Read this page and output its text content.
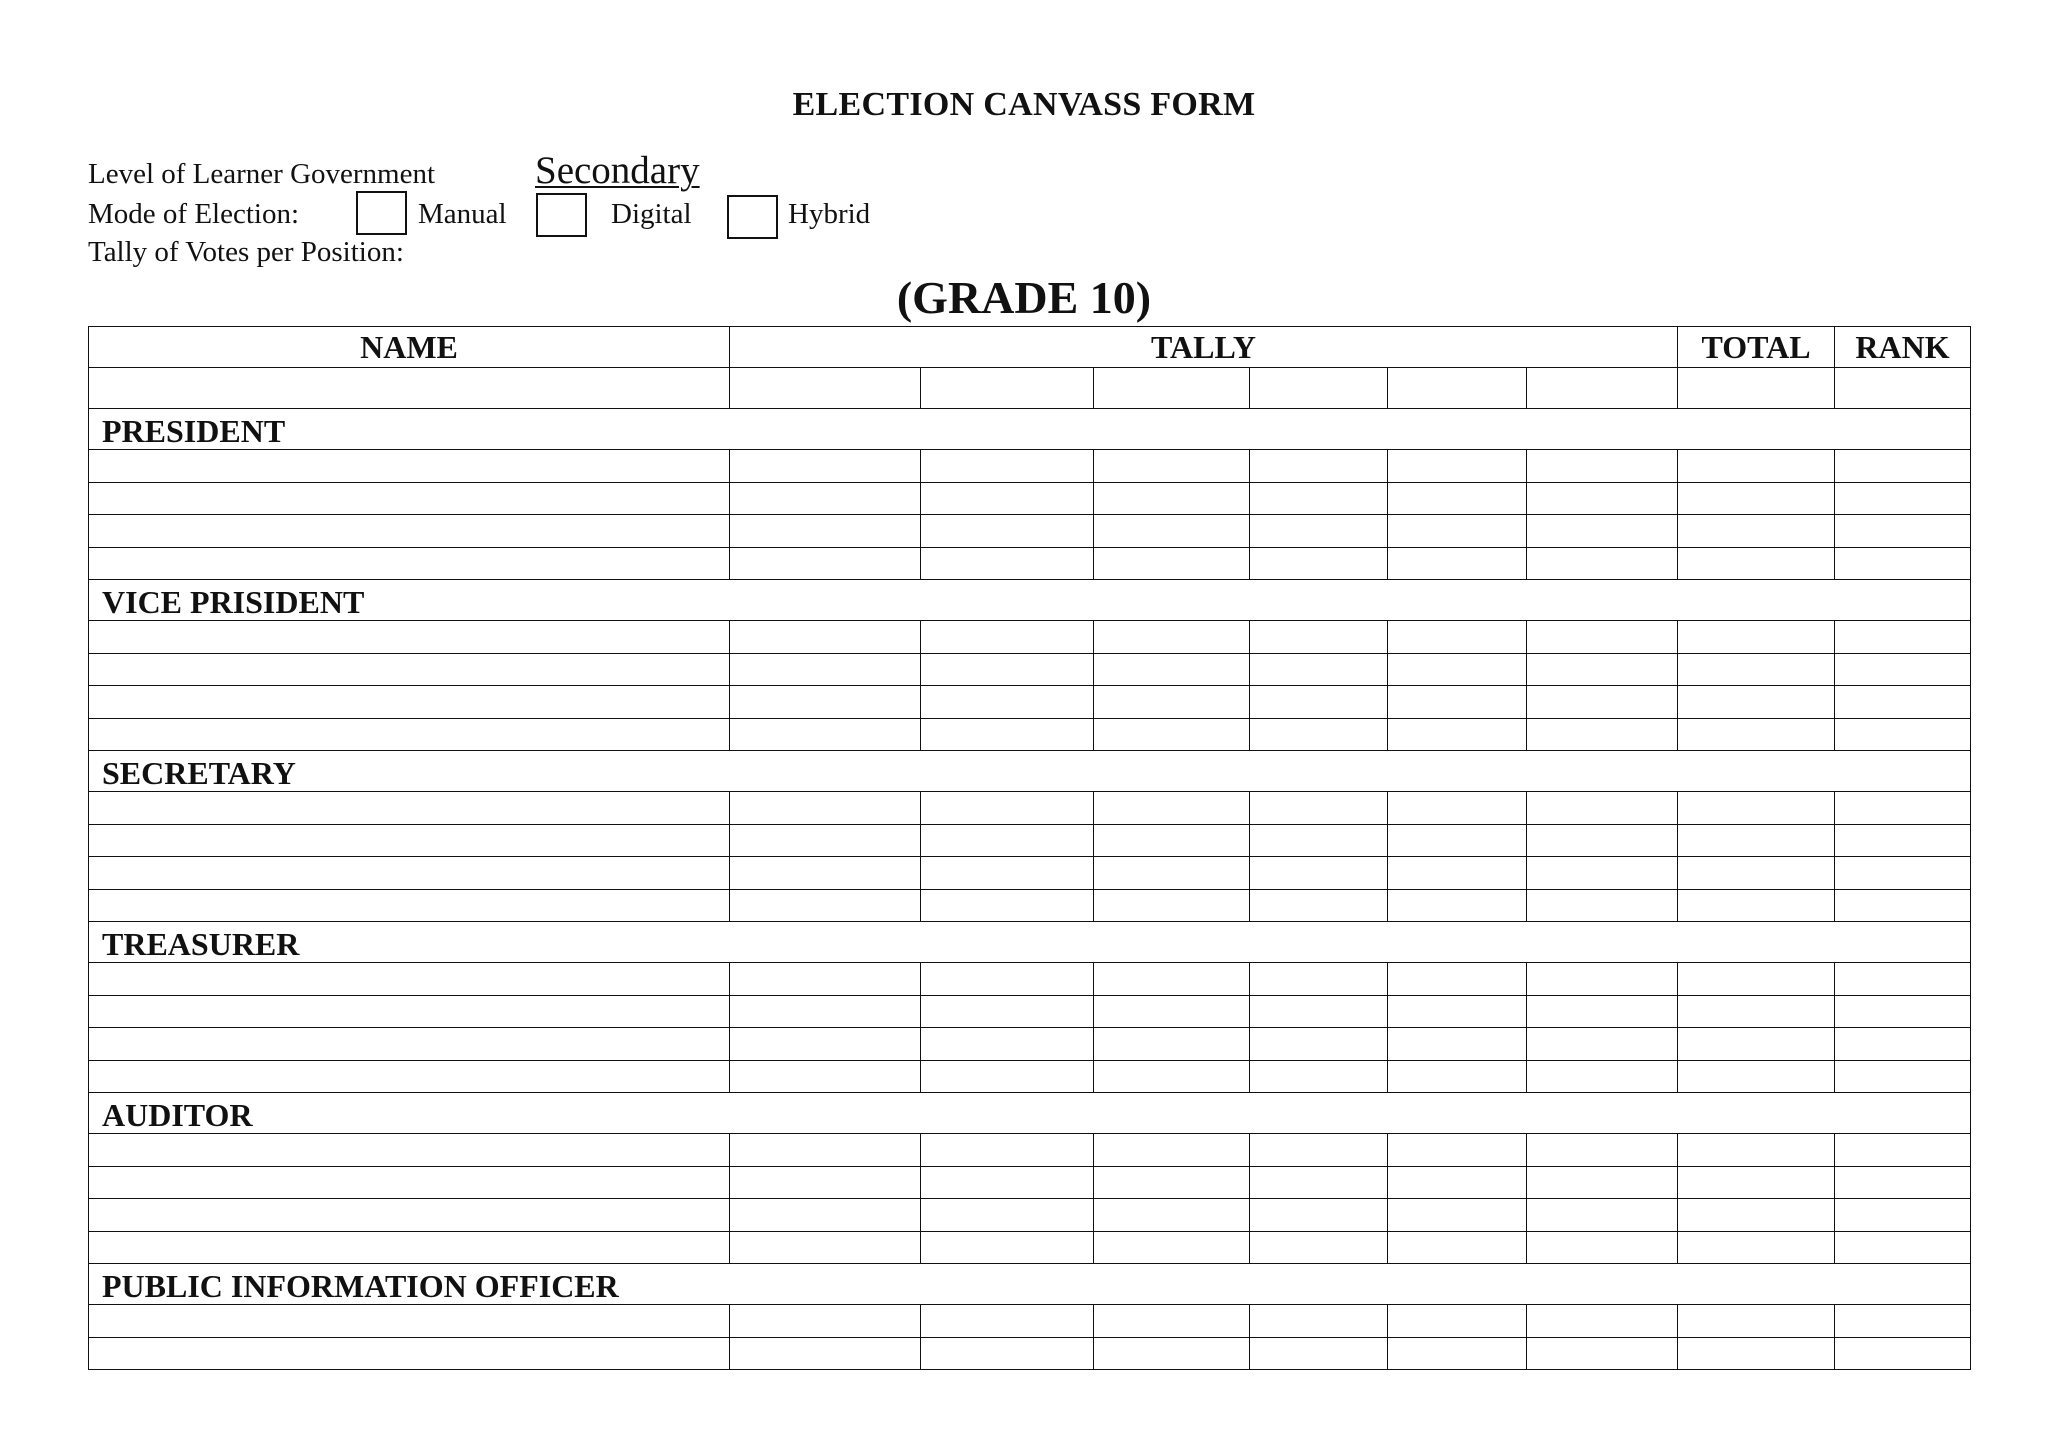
ELECTION CANVASS FORM
Level of Learner Government	Secondary
Mode of Election:	Manual	Digital	Hybrid
Tally of Votes per Position:
(GRADE 10)
NAME	TALLY						TOTAL	RANK

PRESIDENT								

VICE PRISIDENT								

SECRETARY								

TREASURER								

AUDITOR								

PUBLIC INFORMATION OFFICER								
